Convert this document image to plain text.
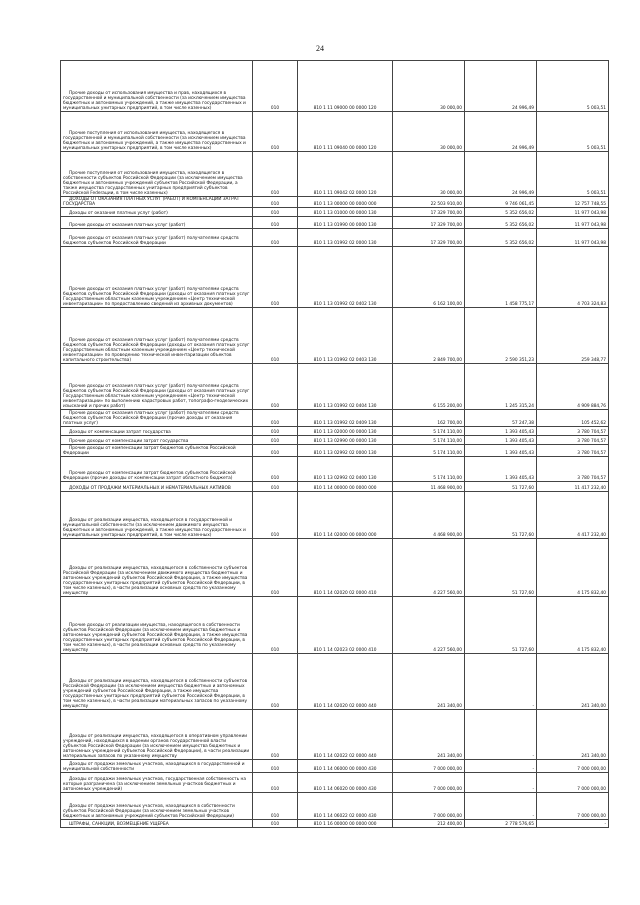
24
Прочие доходы от использования имущества и прав, находящихся в государственной и муниципальной собственности (за исключением имущества бюджетных и автономных учреждений, а также имущества государственных и муниципальных унитарных предприятий, в том числе казенных)	010	810 1 11 09000 00 0000 120	30 000,00	24 996,49	5 003,51

Прочие поступления от использования имущества, находящегося в государственной и муниципальной собственности (за исключением имущества бюджетных и автономных учреждений, а также имущества государственных и муниципальных унитарных предприятий, в том числе казенных)	010	810 1 11 09040 00 0000 120	30 000,00	24 996,49	5 003,51

Прочие поступления от использования имущества, находящегося в собственности субъектов Российской Федерации (за исключением имущества бюджетных и автономных учреждений субъектов Российской Федерации, а также имущества государственных унитарных предприятий субъектов Российской Federации, в том числе казенных)	010	810 1 11 09042 02 0000 120	30 000,00	24 996,49	5 003,51

ДОХОДЫ ОТ ОКАЗАНИЯ ПЛАТНЫХ УСЛУГ (РАБОТ) И КОМПЕНСАЦИИ ЗАТРАТ ГОСУДАРСТВА	010	810 1 13 00000 00 0000 000	22 503 910,00	9 746 061,45	12 757 748,55

Доходы от оказания платных услуг (работ)	010	810 1 13 01000 00 0000 130	17 329 700,00	5 352 656,02	11 977 043,98

Прочие доходы от оказания платных услуг (работ)	010	810 1 13 01990 00 0000 130	17 329 700,00	5 352 656,02	11 977 043,98

Прочие доходы от оказания платных услуг (работ) получателями средств бюджетов субъектов Российской Федерации	010	810 1 13 01992 02 0000 130	17 329 700,00	5 352 656,02	11 977 043,98

Прочие доходы от оказания платных услуг (работ) получателями средств бюджетов субъектов Российской Федерации (доходы от оказания платных услуг Государственным областным казенным учреждением «Центр технической инвентаризации» по предоставлению сведений из архивных документов)	010	810 1 13 01992 02 0402 130	6 162 100,00	1 458 775,17	4 703 324,83

Прочие доходы от оказания платных услуг (работ) получателями средств бюджетов субъектов Российской Федерации (доходы от оказания платных услуг Государственным областным казенным учреждением «Центр технической инвентаризации» по проведению технической инвентаризации объектов капитального строительства)	010	810 1 13 01992 02 0403 130	2 849 700,00	2 590 351,23	259 348,77

Прочие доходы от оказания платных услуг (работ) получателями средств бюджетов субъектов Российской Федерации (доходы от оказания платных услуг Государственным областным казенным учреждением «Центр технической инвентаризации» по выполнению кадастровых работ, топографо-геодезических изысканий и прочих работ)	010	810 1 13 01992 02 0404 130	6 155 200,00	1 245 315,24	4 909 884,76

Прочие доходы от оказания платных услуг (работ) получателями средств бюджетов субъектов Российской Федерации (прочие доходы от оказания платных услуг)	010	810 1 13 01992 02 0409 130	162 700,00	57 247,38	105 452,62

Доходы от компенсации затрат государства	010	810 1 13 02000 00 0000 130	5 174 110,00	1 393 405,43	3 780 704,57

Прочие доходы от компенсации затрат государства	010	810 1 13 02990 00 0000 130	5 174 110,00	1 393 405,43	3 780 704,57

Прочие доходы от компенсации затрат бюджетов субъектов Российской Федерации	010	810 1 13 02992 02 0000 130	5 174 110,00	1 393 405,43	3 780 704,57

Прочие доходы от компенсации затрат бюджетов субъектов Российской Федерации (прочие доходы от компенсации затрат областного бюджета)	010	810 1 13 02992 02 0400 130	5 174 110,00	1 393 405,43	3 780 704,57

ДОХОДЫ ОТ ПРОДАЖИ МАТЕРИАЛЬНЫХ И НЕМАТЕРИАЛЬНЫХ АКТИВОВ	010	810 1 14 00000 00 0000 000	11 468 900,00	51 727,60	11 417 232,40

Доходы от реализации имущества, находящегося в государственной и муниципальной собственности (за исключением движимого имущества бюджетных и автономных учреждений, а также имущества государственных и муниципальных унитарных предприятий, в том числе казенных)	010	810 1 14 02000 00 0000 000	4 468 900,00	51 727,60	4 417 232,40

Доходы от реализации имущества, находящегося в собственности субъектов Российской Федерации (за исключением движимого имущества бюджетных и автономных учреждений субъектов Российской Федерации, а также имущества государственных унитарных предприятий субъектов Российской Федерации, в том числе казенных), в части реализации основных средств по указанному имуществу	010	810 1 14 02020 02 0000 410	4 227 560,00	51 727,60	4 175 832,40

Прочие доходы от реализации имущества, находящегося в собственности субъектов Российской Федерации (за исключением имущества бюджетных и автономных учреждений субъектов Российской Федерации, а также имущества государственных унитарных предприятий субъектов Российской Федерации, в том числе казенных), в части реализации основных средств по указанному имуществу	010	810 1 14 02023 02 0000 410	4 227 560,00	51 727,60	4 175 832,40

Доходы от реализации имущества, находящегося в собственности субъектов Российской Федерации (за исключением имущества бюджетных и автономных учреждений субъектов Российской Федерации, а также имущества государственных унитарных предприятий субъектов Российской Федерации, в том числе казенных), в части реализации материальных запасов по указанному имуществу	010	810 1 14 02020 02 0000 440	241 340,00	-	241 340,00

Доходы от реализации имущества, находящегося в оперативном управлении учреждений, находящихся в ведении органов государственной власти субъектов Российской Федерации (за исключением имущества бюджетных и автономных учреждений субъектов Российской Федерации), в части реализации материальных запасов по указанному имуществу	010	810 1 14 02022 02 0000 440	241 340,00	-	241 340,00

Доходы от продажи земельных участков, находящихся в государственной и муниципальной собственности	010	810 1 14 06000 00 0000 430	7 000 000,00	-	7 000 000,00

Доходы от продажи земельных участков, государственная собственность на которые разграничена (за исключением земельных участков бюджетных и автономных учреждений)	010	810 1 14 06020 00 0000 430	7 000 000,00	-	7 000 000,00

Доходы от продажи земельных участков, находящихся в собственности субъектов Российской Федерации (за исключением земельных участков бюджетных и автономных учреждений субъектов Российской Федерации)	010	810 1 14 06022 02 0000 430	7 000 000,00	-	7 000 000,00

ШТРАФЫ, САНКЦИИ, ВОЗМЕЩЕНИЕ УЩЕРБА	010	810 1 16 00000 00 0000 000	212 400,00	2 778 576,65	-
